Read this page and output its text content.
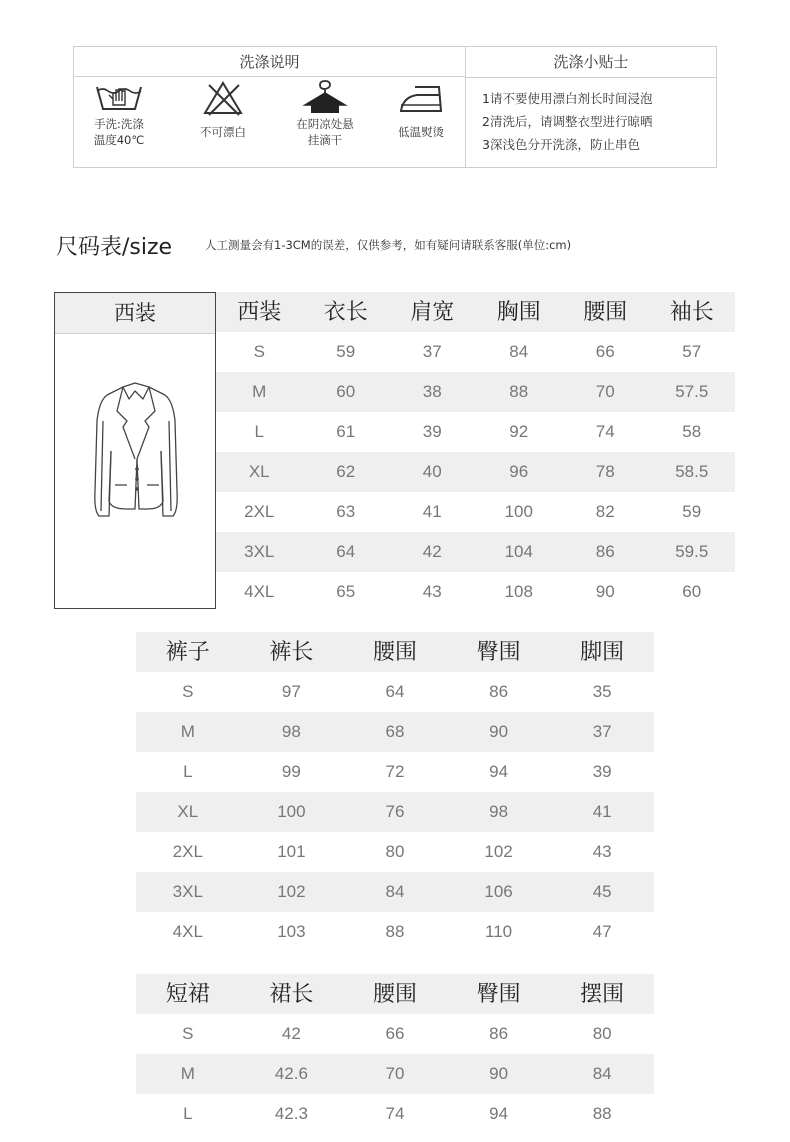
洗涤说明	洗涤小贴士
手洗:洗涤
温度40℃
不可漂白
在阴凉处悬
挂滴干
低温熨烫
1请不要使用漂白剂长时间浸泡
2清洗后，请调整衣型进行晾晒
3深浅色分开洗涤，防止串色
尺码表/size	人工测量会有1-3CM的误差，仅供参考，如有疑问请联系客服(单位:cm)
西装	西装	衣长	肩宽	胸围	腰围	袖长
S	59	37	84	66	57
M	60	38	88	70	57.5
L	61	39	92	74	58
XL	62	40	96	78	58.5
2XL	63	41	100	82	59
3XL	64	42	104	86	59.5
4XL	65	43	108	90	60
裤子	裤长	腰围	臀围	脚围
S	97	64	86	35
M	98	68	90	37
L	99	72	94	39
XL	100	76	98	41
2XL	101	80	102	43
3XL	102	84	106	45
4XL	103	88	110	47
短裙	裙长	腰围	臀围	摆围
S	42	66	86	80
M	42.6	70	90	84
L	42.3	74	94	88
